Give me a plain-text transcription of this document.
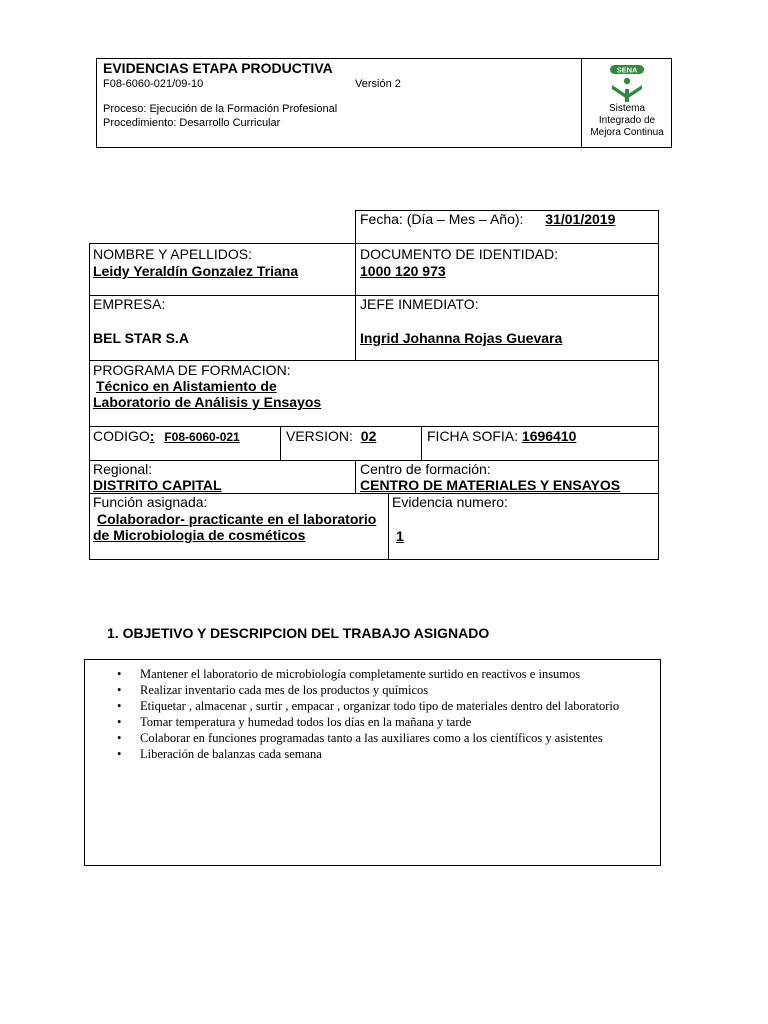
EVIDENCIAS ETAPA PRODUCTIVA
F08-6060-021/09-10	Versión 2
Proceso: Ejecución de la Formación Profesional
Procedimiento: Desarrollo Curricular
SENA
Sistema
Integrado de
Mejora Continua
Fecha: (Día – Mes – Año): 31/01/2019
NOMBRE Y APELLIDOS:
Leidy Yeraldín Gonzalez Triana
DOCUMENTO DE IDENTIDAD:
1000 120 973
EMPRESA:
BEL STAR S.A
JEFE INMEDIATO:
Ingrid Johanna Rojas Guevara
PROGRAMA DE FORMACION:
Técnico en Alistamiento de
Laboratorio de Análisis y Ensayos
CODIGO: F08-6060-021	VERSION: 02	FICHA SOFIA: 1696410
Regional:
DISTRITO CAPITAL
Centro de formación:
CENTRO DE MATERIALES Y ENSAYOS
Función asignada:
Colaborador- practicante en el laboratorio
de Microbiologia de cosméticos
Evidencia numero:
1
1. OBJETIVO Y DESCRIPCION DEL TRABAJO ASIGNADO
• Mantener el laboratorio de microbiología completamente surtido en reactivos e insumos
• Realizar inventario cada mes de los productos y químicos
• Etiquetar , almacenar , surtir , empacar , organizar todo tipo de materiales dentro del laboratorio
• Tomar temperatura y humedad todos los días en la mañana y tarde
• Colaborar en funciones programadas tanto a las auxiliares como a los científicos y asistentes
• Liberación de balanzas cada semana
